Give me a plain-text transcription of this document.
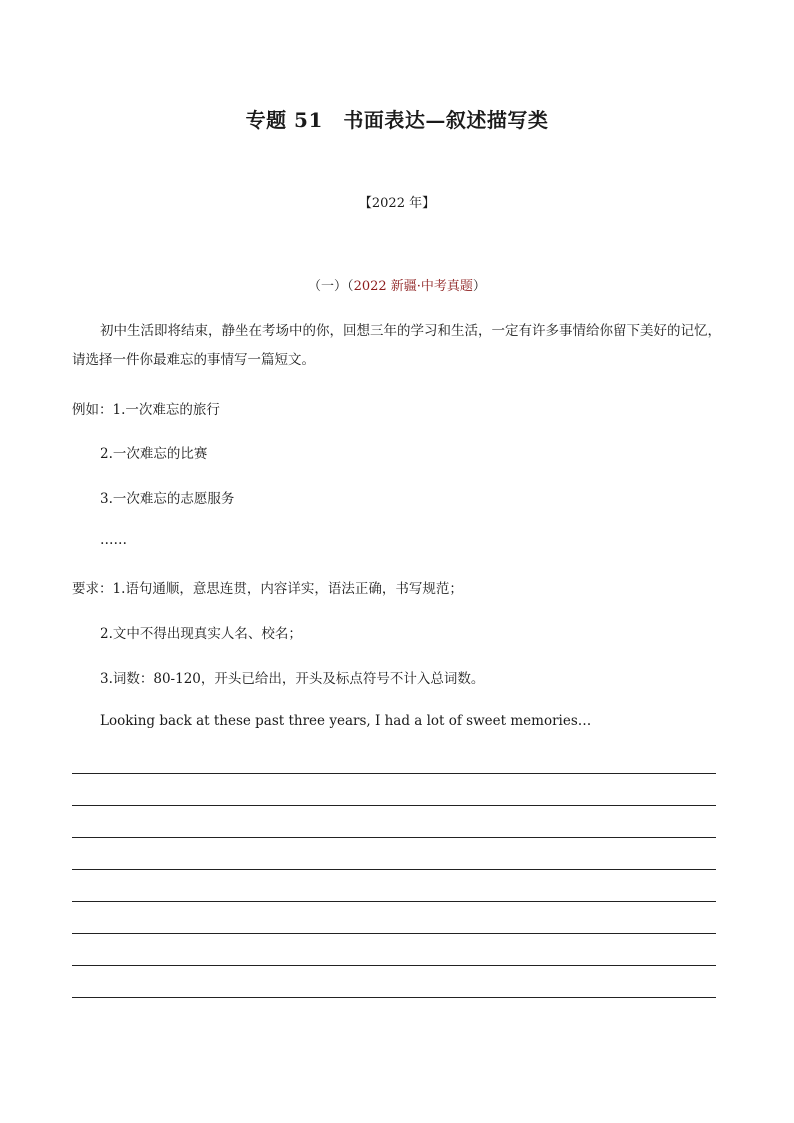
专题 51　书面表达—叙述描写类
【2022 年】
（一）（2022 新疆·中考真题）
初中生活即将结束，静坐在考场中的你，回想三年的学习和生活，一定有许多事情给你留下美好的记忆，请选择一件你最难忘的事情写一篇短文。
例如：1.一次难忘的旅行
2.一次难忘的比赛
3.一次难忘的志愿服务
……
要求：1.语句通顺，意思连贯，内容详实，语法正确，书写规范；
2.文中不得出现真实人名、校名；
3.词数：80-120，开头已给出，开头及标点符号不计入总词数。
Looking back at these past three years, I had a lot of sweet memories…
